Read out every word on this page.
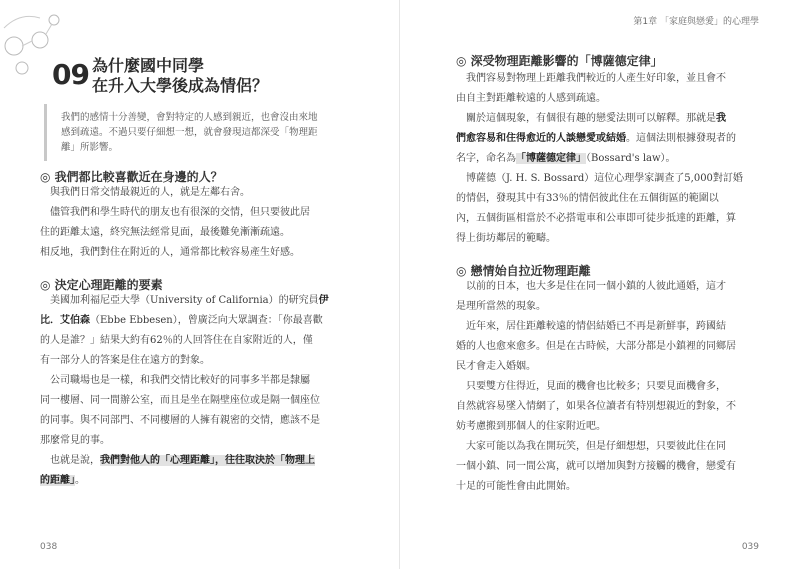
09 為什麼國中同學
在升入大學後成為情侶？

我們的感情十分善變，會對特定的人感到親近，也會沒由來地

感到疏遠。不過只要仔細想一想，就會發現這都深受「物理距

離」所影響。

◎ 我們都比較喜歡近在身邊的人？
與我們日常交情最親近的人，就是左鄰右舍。
儘管我們和學生時代的朋友也有很深的交情，但只要彼此居
住的距離太遠，終究無法經常見面，最後難免漸漸疏遠。
相反地，我們對住在附近的人，通常都比較容易產生好感。
◎ 決定心理距離的要素
美國加利福尼亞大學（University of California）的研究員伊
比．艾伯森（Ebbe Ebbesen），曾廣泛向大眾調查：「你最喜歡
的人是誰？」結果大約有62％的人回答住在自家附近的人，僅
有一部分人的答案是住在遠方的對象。
公司職場也是一樣，和我們交情比較好的同事多半都是隸屬
同一樓層、同一間辦公室，而且是坐在隔壁座位或是隔一個座位
的同事。與不同部門、不同樓層的人擁有親密的交情，應該不是
那麼常見的事。
也就是說，我們對他人的「心理距離」，往往取決於「物理上
的距離」。
038
第1章 「家庭與戀愛」的心理學
◎ 深受物理距離影響的「博薩德定律」
我們容易對物理上距離我們較近的人產生好印象，並且會不
由自主對距離較遠的人感到疏遠。
關於這個現象，有個很有趣的戀愛法則可以解釋。那就是我
們愈容易和住得愈近的人談戀愛或結婚。這個法則根據發現者的
名字，命名為「博薩德定律」（Bossard's law）。
博薩德（J. H. S. Bossard）這位心理學家調查了5,000對訂婚
的情侶，發現其中有33％的情侶彼此住在五個街區的範圍以
內，五個街區相當於不必搭電車和公車即可徒步抵達的距離，算
得上街坊鄰居的範疇。
◎ 戀情始自拉近物理距離
以前的日本，也大多是住在同一個小鎮的人彼此通婚，這才
是理所當然的現象。
近年來，居住距離較遠的情侶結婚已不再是新鮮事，跨國結
婚的人也愈來愈多。但是在古時候，大部分都是小鎮裡的同鄉居
民才會走入婚姻。
只要雙方住得近，見面的機會也比較多；只要見面機會多，
自然就容易墜入情網了，如果各位讀者有特別想親近的對象，不
妨考慮搬到那個人的住家附近吧。
大家可能以為我在開玩笑，但是仔細想想，只要彼此住在同
一個小鎮、同一間公寓，就可以增加與對方接觸的機會，戀愛有
十足的可能性會由此開始。
039
